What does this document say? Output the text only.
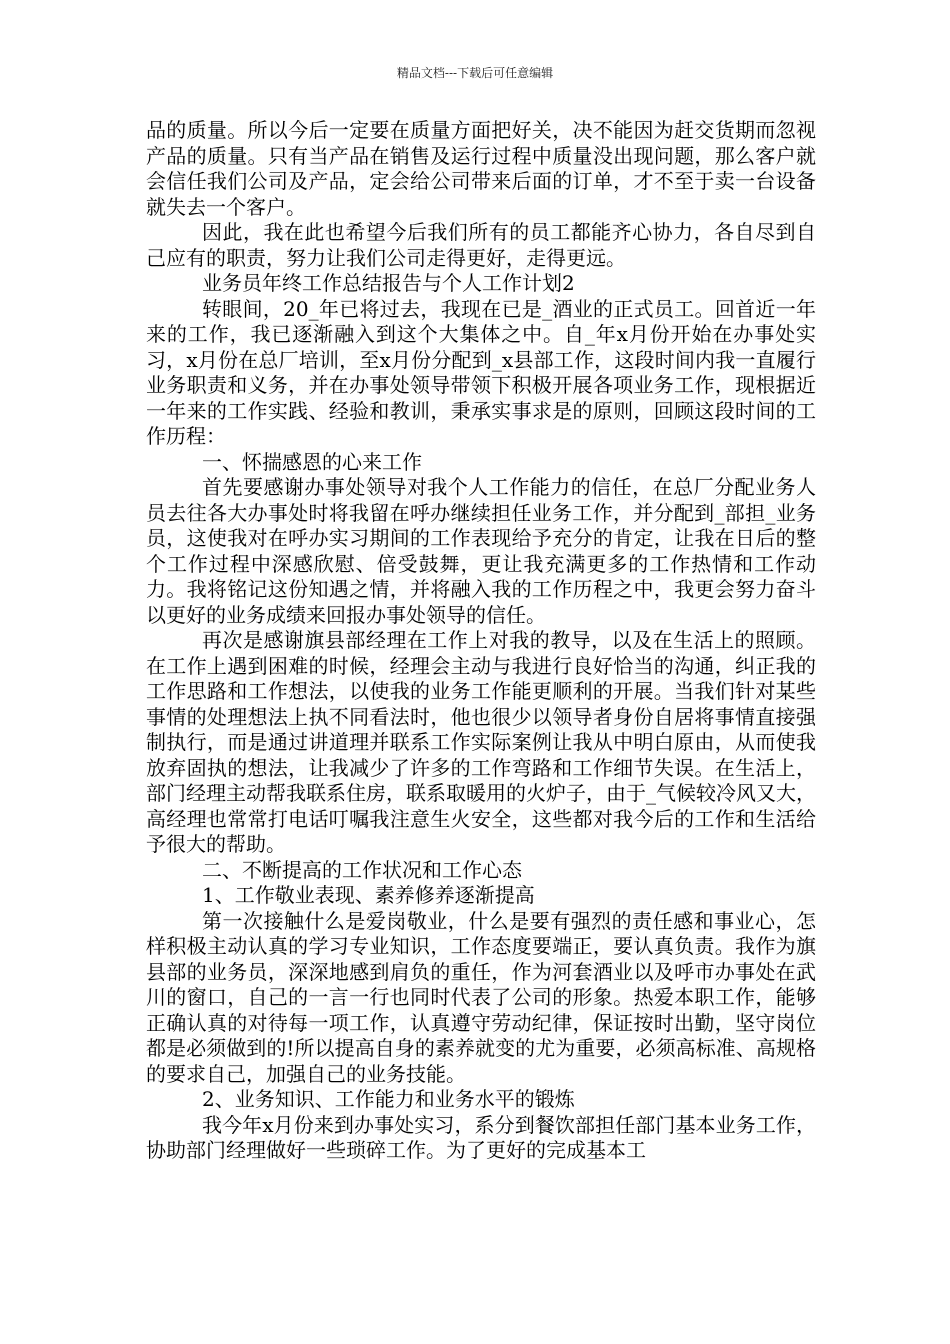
精品文档---下载后可任意编辑

品的质量。所以今后一定要在质量方面把好关，决不能因为赶交货期而忽视产品的质量。只有当产品在销售及运行过程中质量没出现问题，那么客户就会信任我们公司及产品，定会给公司带来后面的订单，才不至于卖一台设备就失去一个客户。

因此，我在此也希望今后我们所有的员工都能齐心协力，各自尽到自己应有的职责，努力让我们公司走得更好，走得更远。

业务员年终工作总结报告与个人工作计划2

转眼间，20_年已将过去，我现在已是_酒业的正式员工。回首近一年来的工作，我已逐渐融入到这个大集体之中。自_年x月份开始在办事处实习，x月份在总厂培训，至x月份分配到_x县部工作，这段时间内我一直履行业务职责和义务，并在办事处领导带领下积极开展各项业务工作，现根据近一年来的工作实践、经验和教训，秉承实事求是的原则，回顾这段时间的工作历程：

一、怀揣感恩的心来工作

首先要感谢办事处领导对我个人工作能力的信任，在总厂分配业务人员去往各大办事处时将我留在呼办继续担任业务工作，并分配到_部担_业务员，这使我对在呼办实习期间的工作表现给予充分的肯定，让我在日后的整个工作过程中深感欣慰、倍受鼓舞，更让我充满更多的工作热情和工作动力。我将铭记这份知遇之情，并将融入我的工作历程之中，我更会努力奋斗以更好的业务成绩来回报办事处领导的信任。

再次是感谢旗县部经理在工作上对我的教导，以及在生活上的照顾。在工作上遇到困难的时候，经理会主动与我进行良好恰当的沟通，纠正我的工作思路和工作想法，以使我的业务工作能更顺利的开展。当我们针对某些事情的处理想法上执不同看法时，他也很少以领导者身份自居将事情直接强制执行，而是通过讲道理并联系工作实际案例让我从中明白原由，从而使我放弃固执的想法，让我减少了许多的工作弯路和工作细节失误。在生活上，部门经理主动帮我联系住房，联系取暖用的火炉子，由于_气候较冷风又大，高经理也常常打电话叮嘱我注意生火安全，这些都对我今后的工作和生活给予很大的帮助。

二、不断提高的工作状况和工作心态

1、工作敬业表现、素养修养逐渐提高

第一次接触什么是爱岗敬业，什么是要有强烈的责任感和事业心，怎样积极主动认真的学习专业知识，工作态度要端正，要认真负责。我作为旗县部的业务员，深深地感到肩负的重任，作为河套酒业以及呼市办事处在武川的窗口，自己的一言一行也同时代表了公司的形象。热爱本职工作，能够正确认真的对待每一项工作，认真遵守劳动纪律，保证按时出勤，坚守岗位都是必须做到的!所以提高自身的素养就变的尤为重要，必须高标准、高规格的要求自己，加强自己的业务技能。

2、业务知识、工作能力和业务水平的锻炼

我今年x月份来到办事处实习，系分到餐饮部担任部门基本业务工作，协助部门经理做好一些琐碎工作。为了更好的完成基本工
